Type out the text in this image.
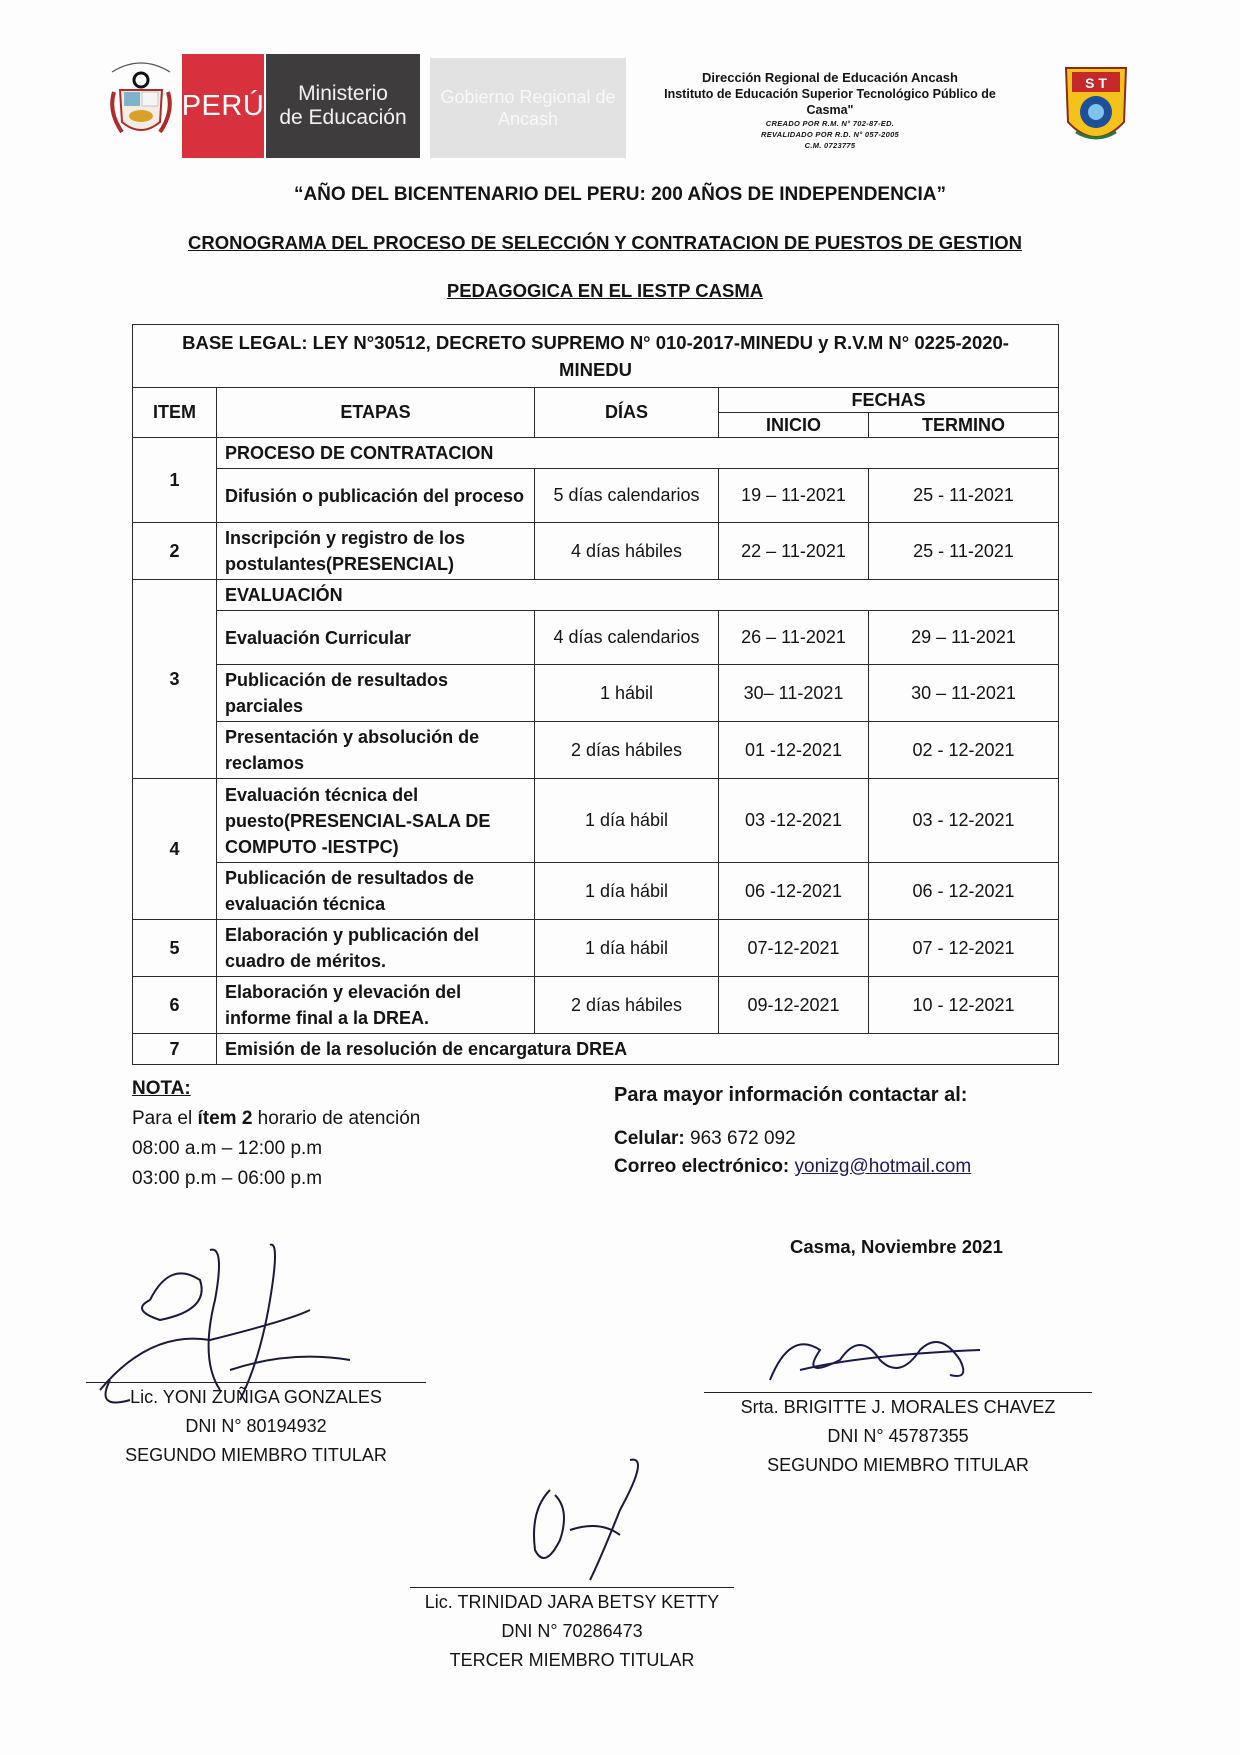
PERÚ	Ministerio
de Educación
Gobierno Regional de
Ancash
Dirección Regional de Educación Ancash
Instituto de Educación Superior Tecnológico Público de Casma"
CREADO POR R.M. N° 702-87-ED.
REVALIDADO POR R.D. N° 057-2005
C.M. 0723775
S T
“AÑO DEL BICENTENARIO DEL PERU: 200 AÑOS DE INDEPENDENCIA”
CRONOGRAMA DEL PROCESO DE SELECCIÓN Y CONTRATACION DE PUESTOS DE GESTION
PEDAGOGICA EN EL IESTP CASMA
BASE LEGAL: LEY N°30512, DECRETO SUPREMO N° 010-2017-MINEDU y R.V.M N° 0225-2020-
MINEDU				

ITEM	ETAPAS	DÍAS	FECHAS	
			INICIO	TERMINO
1	PROCESO DE CONTRATACION			
	Difusión o publicación del proceso	5 días calendarios	19 – 11-2021	25 - 11-2021
2	Inscripción y registro de los postulantes(PRESENCIAL)	4 días hábiles	22 – 11-2021	25 - 11-2021
3	EVALUACIÓN			
	Evaluación Curricular	4 días calendarios	26 – 11-2021	29 – 11-2021
	Publicación de resultados parciales	1 hábil	30– 11-2021	30 – 11-2021
	Presentación y absolución de reclamos	2 días hábiles	01 -12-2021	02 - 12-2021
4	Evaluación técnica del puesto(PRESENCIAL-SALA DE COMPUTO -IESTPC)	1 día hábil	03 -12-2021	03 - 12-2021
	Publicación de resultados de evaluación técnica	1 día hábil	06 -12-2021	06 - 12-2021
5	Elaboración y publicación del cuadro de méritos.	1 día hábil	07-12-2021	07 - 12-2021
6	Elaboración y elevación del informe final a la DREA.	2 días hábiles	09-12-2021	10 - 12-2021
7	Emisión de la resolución de encargatura DREA			
NOTA:
Para el ítem 2 horario de atención
08:00 a.m – 12:00 p.m
03:00 p.m – 06:00 p.m
Para mayor información contactar al:
Celular: 963 672 092
Correo electrónico: yonizg@hotmail.com
Casma, Noviembre 2021
Lic. YONI ZUÑIGA GONZALES
DNI N° 80194932
SEGUNDO MIEMBRO TITULAR
Srta. BRIGITTE J. MORALES CHAVEZ
DNI N° 45787355
SEGUNDO MIEMBRO TITULAR
Lic. TRINIDAD JARA BETSY KETTY
DNI N° 70286473
TERCER MIEMBRO TITULAR
